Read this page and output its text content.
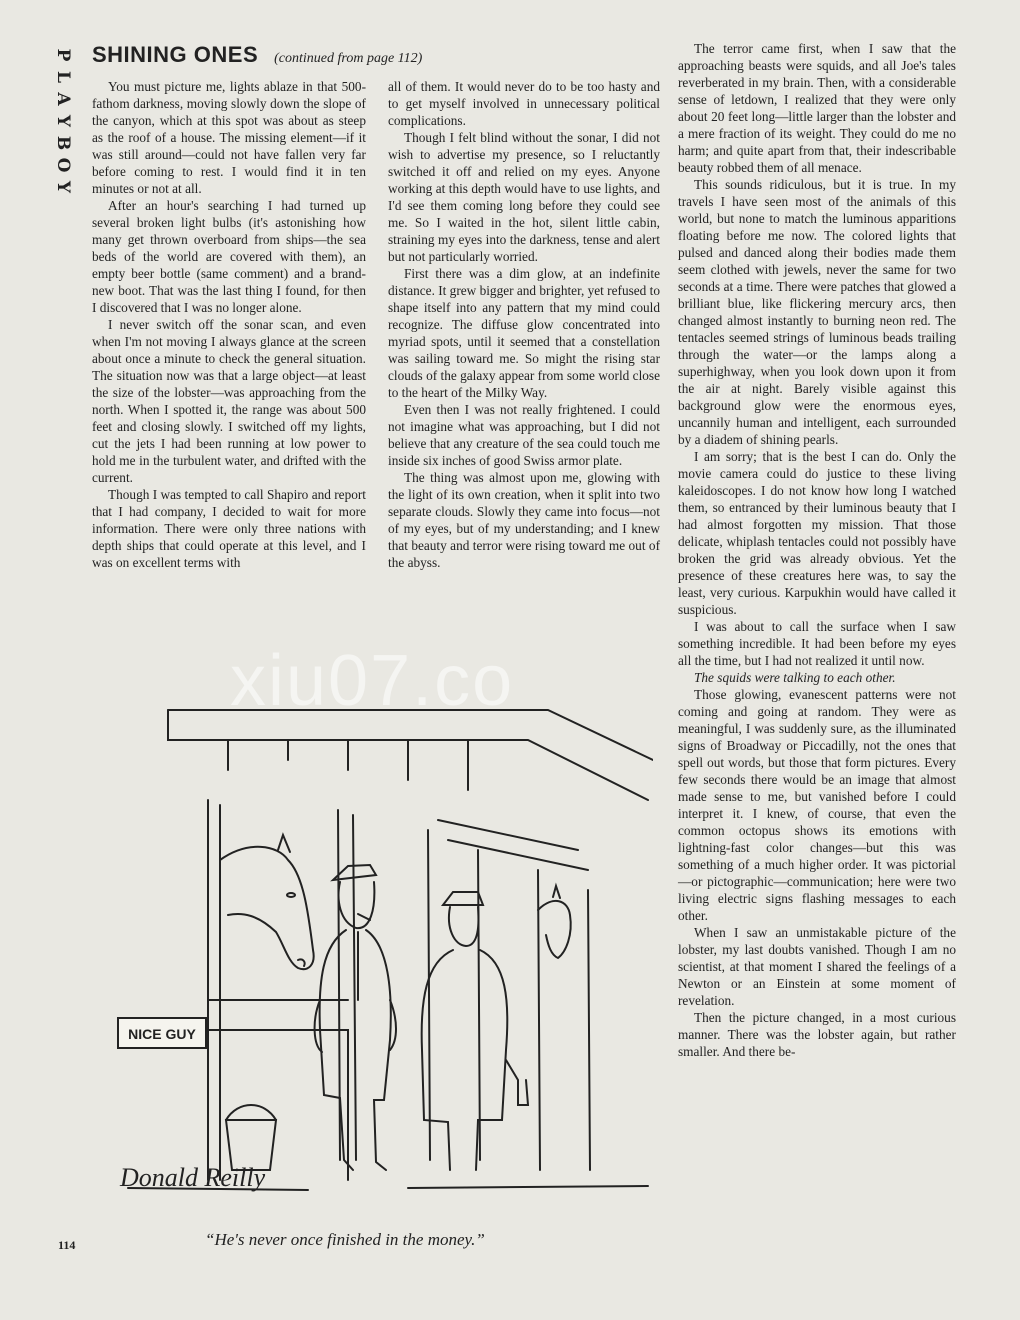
P
L
A
Y
B
O
Y
SHINING ONES (continued from page 112)

You must picture me, lights ablaze in that 500-fathom darkness, moving slowly down the slope of the canyon, which at this spot was about as steep as the roof of a house. The missing element—if it was still around—could not have fallen very far before coming to rest. I would find it in ten minutes or not at all.

After an hour's searching I had turned up several broken light bulbs (it's astonishing how many get thrown overboard from ships—the sea beds of the world are covered with them), an empty beer bottle (same comment) and a brand-new boot. That was the last thing I found, for then I discovered that I was no longer alone.

I never switch off the sonar scan, and even when I'm not moving I always glance at the screen about once a minute to check the general situation. The situation now was that a large object—at least the size of the lobster—was approaching from the north. When I spotted it, the range was about 500 feet and closing slowly. I switched off my lights, cut the jets I had been running at low power to hold me in the turbulent water, and drifted with the current.

Though I was tempted to call Shapiro and report that I had company, I decided to wait for more information. There were only three nations with depth ships that could operate at this level, and I was on excellent terms with

all of them. It would never do to be too hasty and to get myself involved in unnecessary political complications.

Though I felt blind without the sonar, I did not wish to advertise my presence, so I reluctantly switched it off and relied on my eyes. Anyone working at this depth would have to use lights, and I'd see them coming long before they could see me. So I waited in the hot, silent little cabin, straining my eyes into the darkness, tense and alert but not particularly worried.

First there was a dim glow, at an indefinite distance. It grew bigger and brighter, yet refused to shape itself into any pattern that my mind could recognize. The diffuse glow concentrated into myriad spots, until it seemed that a constellation was sailing toward me. So might the rising star clouds of the galaxy appear from some world close to the heart of the Milky Way.

Even then I was not really frightened. I could not imagine what was approaching, but I did not believe that any creature of the sea could touch me inside six inches of good Swiss armor plate.

The thing was almost upon me, glowing with the light of its own creation, when it split into two separate clouds. Slowly they came into focus—not of my eyes, but of my understanding; and I knew that beauty and terror were rising toward me out of the abyss.

The terror came first, when I saw that the approaching beasts were squids, and all Joe's tales reverberated in my brain. Then, with a considerable sense of letdown, I realized that they were only about 20 feet long—little larger than the lobster and a mere fraction of its weight. They could do me no harm; and quite apart from that, their indescribable beauty robbed them of all menace.

This sounds ridiculous, but it is true. In my travels I have seen most of the animals of this world, but none to match the luminous apparitions floating before me now. The colored lights that pulsed and danced along their bodies made them seem clothed with jewels, never the same for two seconds at a time. There were patches that glowed a brilliant blue, like flickering mercury arcs, then changed almost instantly to burning neon red. The tentacles seemed strings of luminous beads trailing through the water—or the lamps along a superhighway, when you look down upon it from the air at night. Barely visible against this background glow were the enormous eyes, uncannily human and intelligent, each surrounded by a diadem of shining pearls.

I am sorry; that is the best I can do. Only the movie camera could do justice to these living kaleidoscopes. I do not know how long I watched them, so entranced by their luminous beauty that I had almost forgotten my mission. That those delicate, whiplash tentacles could not possibly have broken the grid was already obvious. Yet the presence of these creatures here was, to say the least, very curious. Karpukhin would have called it suspicious.

I was about to call the surface when I saw something incredible. It had been before my eyes all the time, but I had not realized it until now.

The squids were talking to each other.

Those glowing, evanescent patterns were not coming and going at random. They were as meaningful, I was suddenly sure, as the illuminated signs of Broadway or Piccadilly, not the ones that spell out words, but those that form pictures. Every few seconds there would be an image that almost made sense to me, but vanished before I could interpret it. I knew, of course, that even the common octopus shows its emotions with lightning-fast color changes—but this was something of a much higher order. It was pictorial—or pictographic—communication; here were two living electric signs flashing messages to each other.

When I saw an unmistakable picture of the lobster, my last doubts vanished. Though I am no scientist, at that moment I shared the feelings of a Newton or an Einstein at some moment of revelation.

Then the picture changed, in a most curious manner. There was the lobster again, but rather smaller. And there be-

xiu07.co
NICE GUY
Donald Reilly
“He's never once finished in the money.”
114
